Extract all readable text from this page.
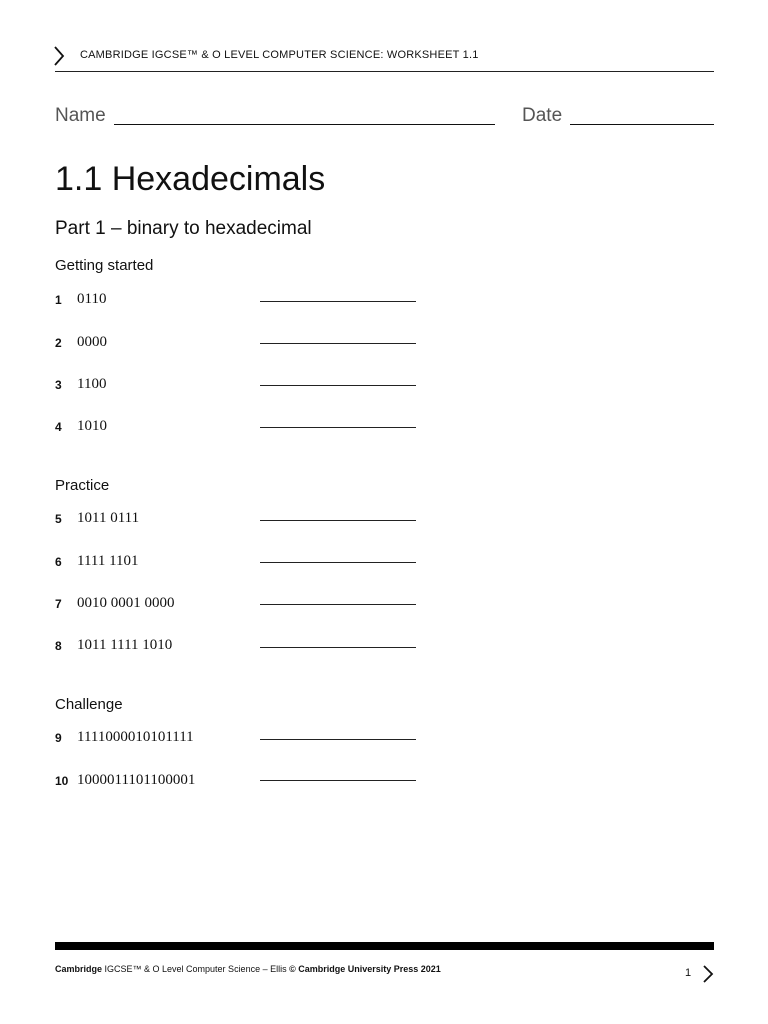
CAMBRIDGE IGCSE™ & O LEVEL COMPUTER SCIENCE: WORKSHEET 1.1
Name	Date
1.1 Hexadecimals
Part 1 – binary to hexadecimal
Getting started
1 0110
2 0000
3 1100
4 1010
Practice
5 1011 0111
6 1111 1101
7 0010 0001 0000
8 1011 1111 1010
Challenge
9 1111000010101111
10 1000011101100001
Cambridge IGCSE™ & O Level Computer Science – Ellis © Cambridge University Press 2021	1
